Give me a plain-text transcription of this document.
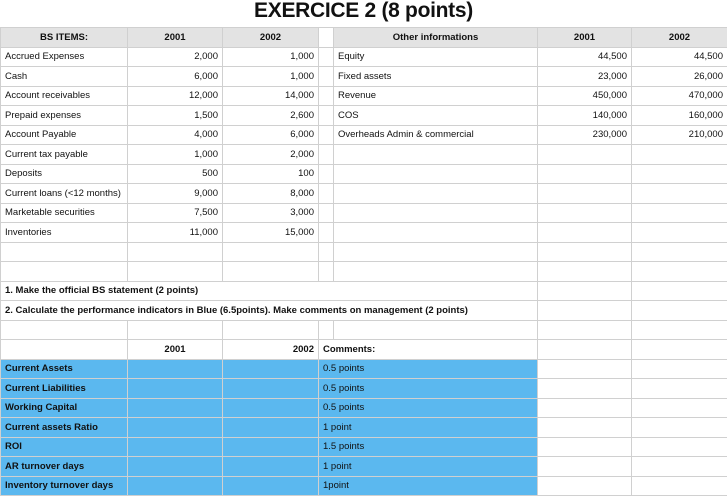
EXERCICE 2 (8 points)
BS ITEMS:	2001	2002		Other informations	2001	2002
Accrued Expenses	2,000	1,000		Equity	44,500	44,500
Cash	6,000	1,000		Fixed assets	23,000	26,000
Account receivables	12,000	14,000		Revenue	450,000	470,000
Prepaid expenses	1,500	2,600		COS	140,000	160,000
Account Payable	4,000	6,000		Overheads Admin & commercial	230,000	210,000
Current tax payable	1,000	2,000				
Deposits	500	100				
Current loans (<12 months)	9,000	8,000				
Marketable securities	7,500	3,000				
Inventories	11,000	15,000				

1. Make the official BS statement (2 points)						
2. Calculate the performance indicators in Blue (6.5points). Make comments on management (2 points)						

	2001	2002	Comments:			
Current Assets			0.5 points			
Current Liabilities			0.5 points			
Working Capital			0.5 points			
Current assets Ratio			1 point			
ROI			1.5 points			
AR turnover days			1 point			
Inventory turnover days			1point			
